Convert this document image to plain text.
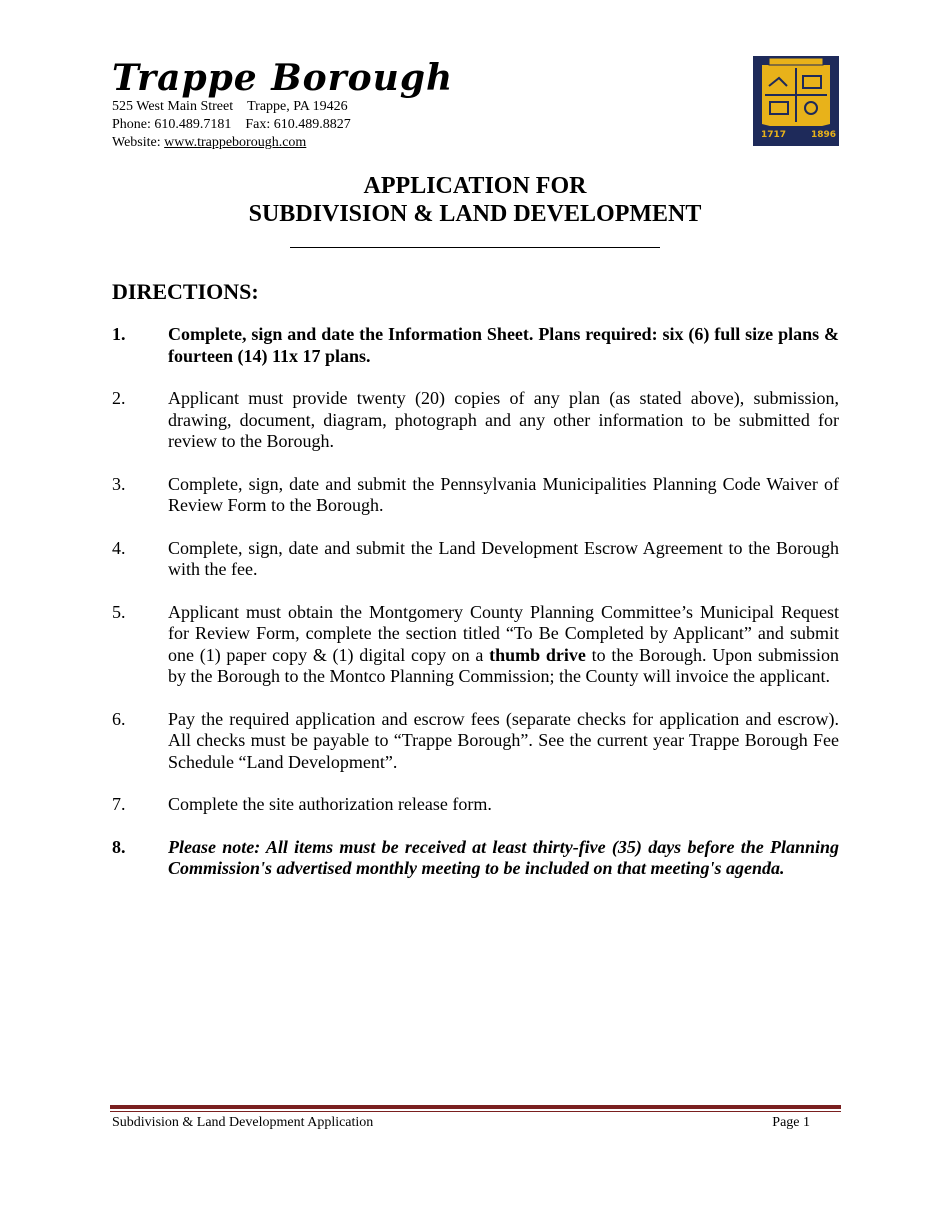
Trappe Borough
525 West Main Street Trappe, PA 19426
Phone: 610.489.7181 Fax: 610.489.8827
Website: www.trappeborough.com	1717	1896
APPLICATION FOR
SUBDIVISION & LAND DEVELOPMENT
DIRECTIONS:
1.	Complete, sign and date the Information Sheet. Plans required: six (6) full size plans & fourteen (14) 11x 17 plans.
2.	Applicant must provide twenty (20) copies of any plan (as stated above), submission, drawing, document, diagram, photograph and any other information to be submitted for review to the Borough.
3.	Complete, sign, date and submit the Pennsylvania Municipalities Planning Code Waiver of Review Form to the Borough.
4.	Complete, sign, date and submit the Land Development Escrow Agreement to the Borough with the fee.
5.	Applicant must obtain the Montgomery County Planning Committee’s Municipal Request for Review Form, complete the section titled “To Be Completed by Applicant” and submit one (1) paper copy & (1) digital copy on a thumb drive to the Borough. Upon submission by the Borough to the Montco Planning Commission; the County will invoice the applicant.
6.	Pay the required application and escrow fees (separate checks for application and escrow). All checks must be payable to “Trappe Borough”. See the current year Trappe Borough Fee Schedule “Land Development”.
7.	Complete the site authorization release form.
8.	Please note: All items must be received at least thirty-five (35) days before the Planning Commission's advertised monthly meeting to be included on that meeting's agenda.
Subdivision & Land Development Application	Page 1
